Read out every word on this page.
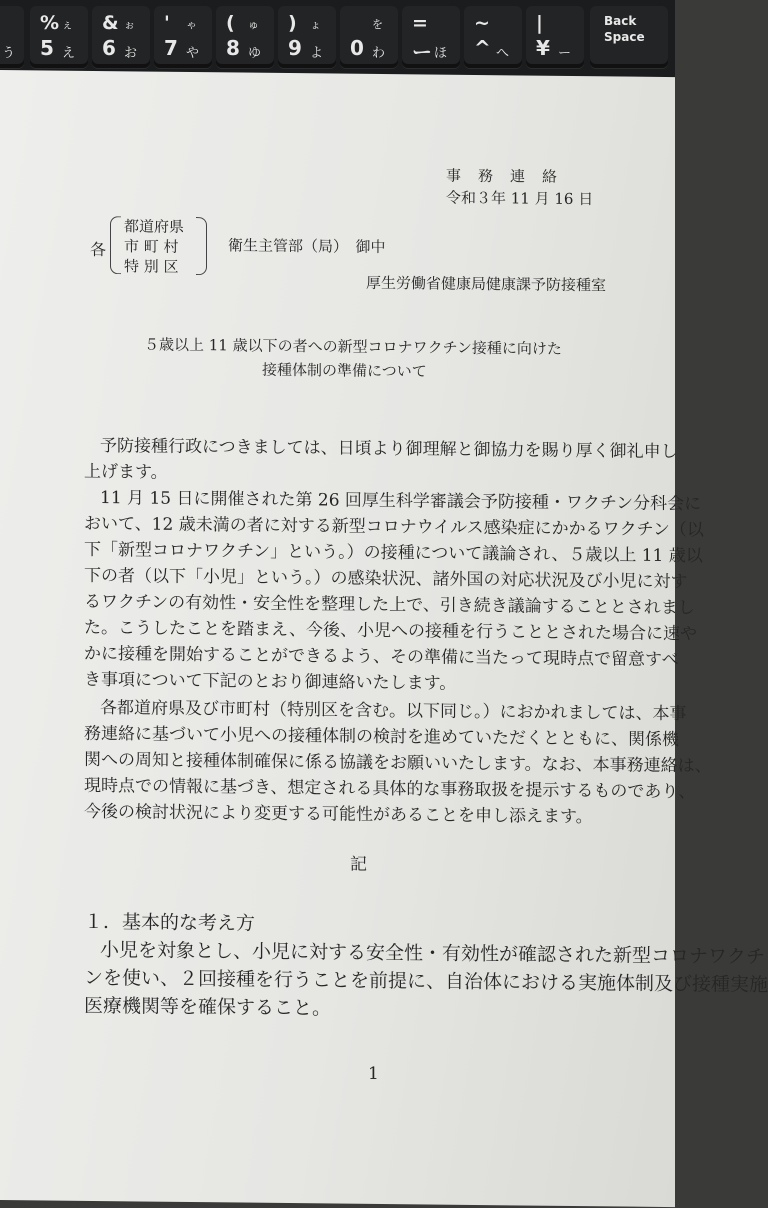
う
% ぇ
5 え
& ぉ
6 お
' ゃ
7 や
( ゅ
8 ゆ
) ょ
9 よ
を
0 わ
=
ー ほ
~
^ へ
|
¥ ー
Back
Space
事　務　連　絡
令和３年 11 月 16 日
各
都道府県
市 町 村
特 別 区
衛生主管部（局）　御中
厚生労働省健康局健康課予防接種室
５歳以上 11 歳以下の者への新型コロナワクチン接種に向けた
接種体制の準備について
予防接種行政につきましては、日頃より御理解と御協力を賜り厚く御礼申し
上げます。
11 月 15 日に開催された第 26 回厚生科学審議会予防接種・ワクチン分科会に
おいて、12 歳未満の者に対する新型コロナウイルス感染症にかかるワクチン（以
下「新型コロナワクチン」という。）の接種について議論され、５歳以上 11 歳以
下の者（以下「小児」という。）の感染状況、諸外国の対応状況及び小児に対す
るワクチンの有効性・安全性を整理した上で、引き続き議論することとされまし
た。こうしたことを踏まえ、今後、小児への接種を行うこととされた場合に速や
かに接種を開始することができるよう、その準備に当たって現時点で留意すべ
き事項について下記のとおり御連絡いたします。
各都道府県及び市町村（特別区を含む。以下同じ。）におかれましては、本事
務連絡に基づいて小児への接種体制の検討を進めていただくとともに、関係機
関への周知と接種体制確保に係る協議をお願いいたします。なお、本事務連絡は、
現時点での情報に基づき、想定される具体的な事務取扱を提示するものであり、
今後の検討状況により変更する可能性があることを申し添えます。
記
１．基本的な考え方
小児を対象とし、小児に対する安全性・有効性が確認された新型コロナワクチ
ンを使い、２回接種を行うことを前提に、自治体における実施体制及び接種実施
医療機関等を確保すること。
1
